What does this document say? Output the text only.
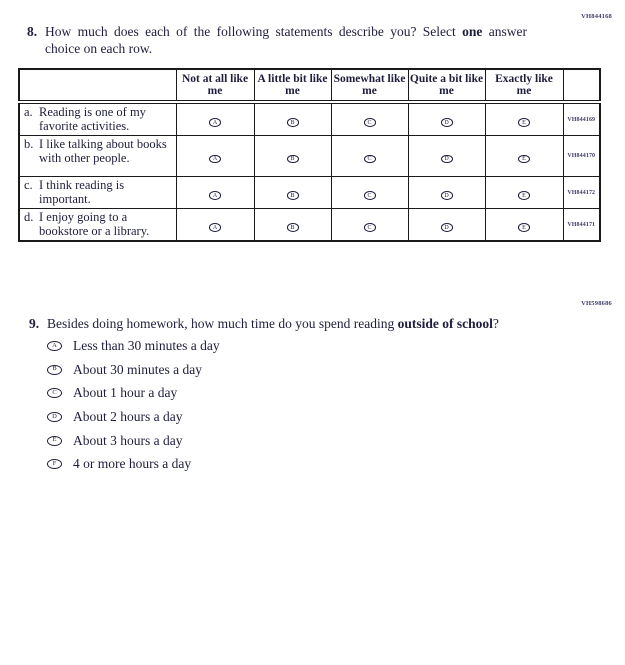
VH844168
8. How much does each of the following statements describe you? Select one answer choice on each row.
	Not at all like me	A little bit like me	Somewhat like me	Quite a bit like me	Exactly like me	

a. Reading is one of my favorite activities.	A	B	C	D	E	VH844169

b. I like talking about books with other people.	A	B	C	D	E	VH844170

c. I think reading is important.	A	B	C	D	E	VH844172

d. I enjoy going to a bookstore or a library.	A	B	C	D	E	VH844171
VH598686
9. Besides doing homework, how much time do you spend reading outside of school?
A	Less than 30 minutes a day
B	About 30 minutes a day
C	About 1 hour a day
D	About 2 hours a day
E	About 3 hours a day
F	4 or more hours a day
